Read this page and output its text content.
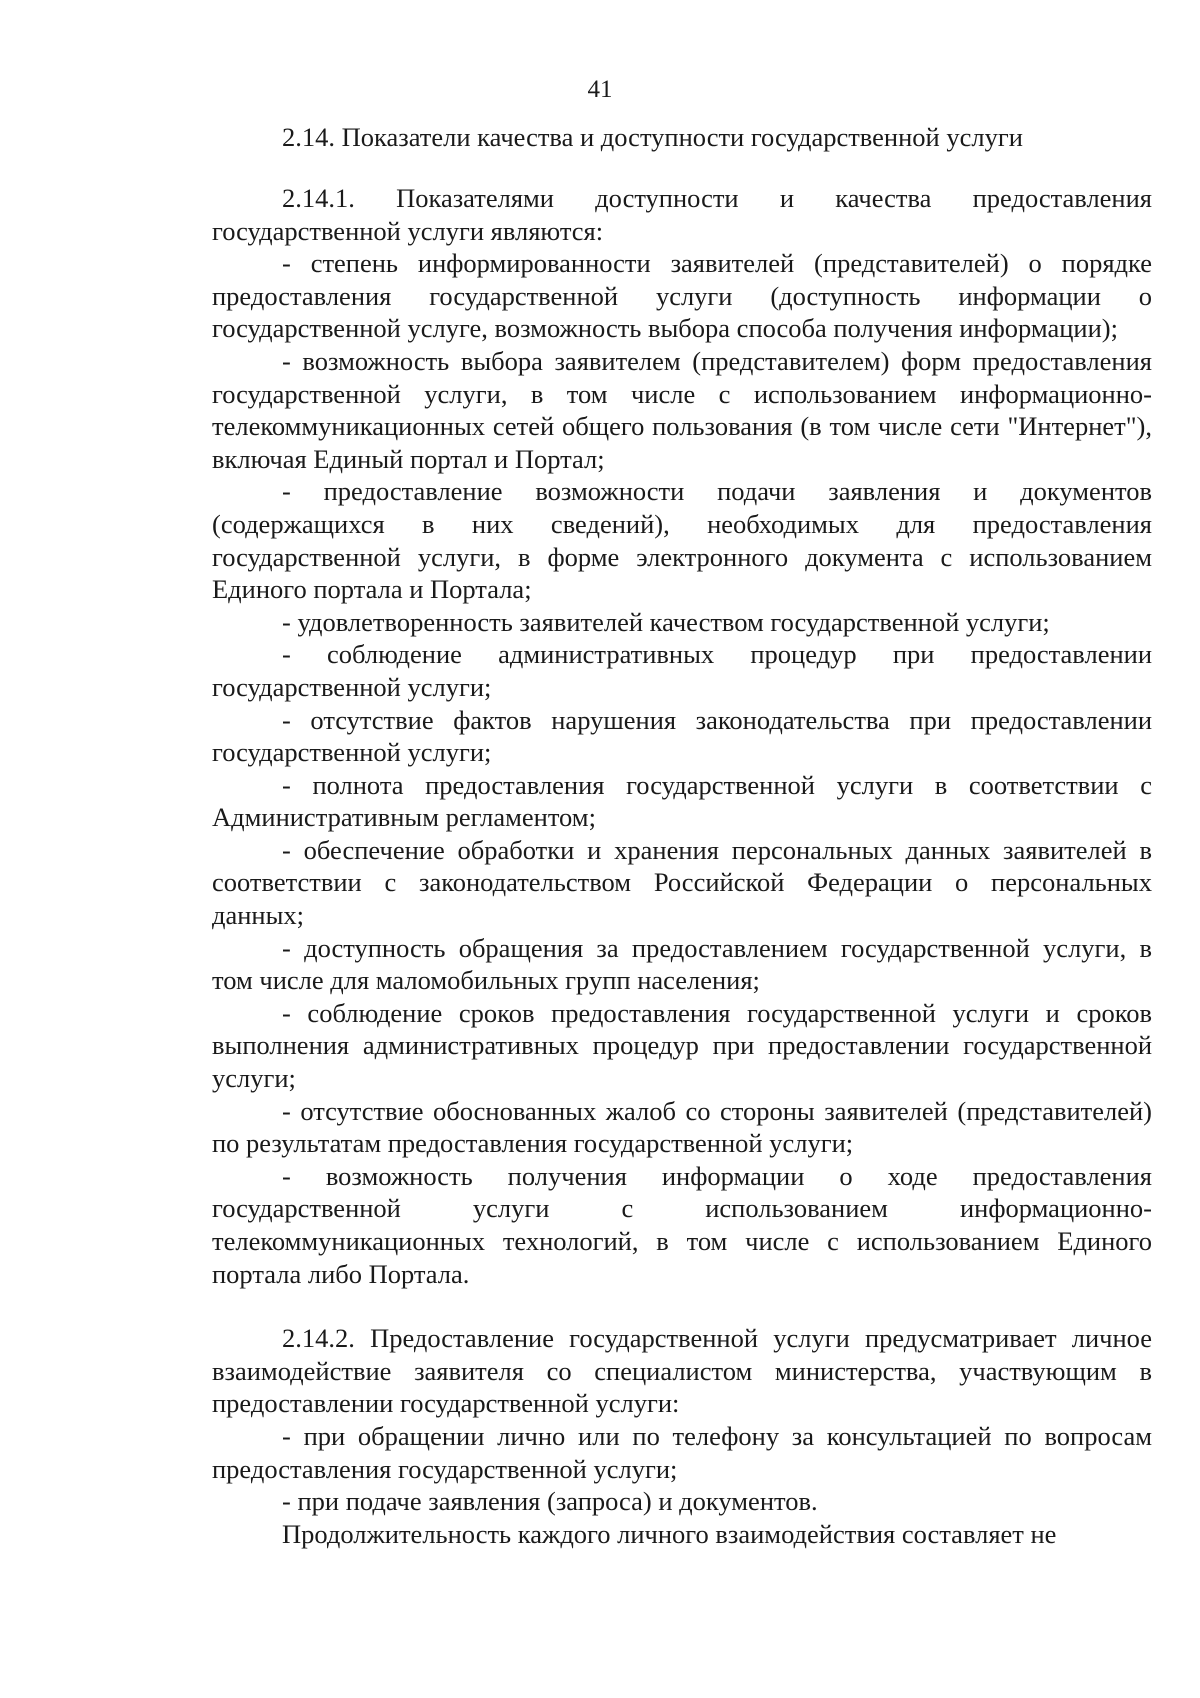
41
2.14. Показатели качества и доступности государственной услуги

2.14.1. Показателями доступности и качества предоставления государственной услуги являются:

- степень информированности заявителей (представителей) о порядке предоставления государственной услуги (доступность информации о государственной услуге, возможность выбора способа получения информации);

- возможность выбора заявителем (представителем) форм предоставления государственной услуги, в том числе с использованием информационно-телекоммуникационных сетей общего пользования (в том числе сети "Интернет"), включая Единый портал и Портал;

- предоставление возможности подачи заявления и документов (содержащихся в них сведений), необходимых для предоставления государственной услуги, в форме электронного документа с использованием Единого портала и Портала;

- удовлетворенность заявителей качеством государственной услуги;

- соблюдение административных процедур при предоставлении государственной услуги;

- отсутствие фактов нарушения законодательства при предоставлении государственной услуги;

- полнота предоставления государственной услуги в соответствии с Административным регламентом;

- обеспечение обработки и хранения персональных данных заявителей в соответствии с законодательством Российской Федерации о персональных данных;

- доступность обращения за предоставлением государственной услуги, в том числе для маломобильных групп населения;

- соблюдение сроков предоставления государственной услуги и сроков выполнения административных процедур при предоставлении государственной услуги;

- отсутствие обоснованных жалоб со стороны заявителей (представителей) по результатам предоставления государственной услуги;

- возможность получения информации о ходе предоставления государственной услуги с использованием информационно-телекоммуникационных технологий, в том числе с использованием Единого портала либо Портала.

2.14.2. Предоставление государственной услуги предусматривает личное взаимодействие заявителя со специалистом министерства, участвующим в предоставлении государственной услуги:

- при обращении лично или по телефону за консультацией по вопросам предоставления государственной услуги;

- при подаче заявления (запроса) и документов.

Продолжительность каждого личного взаимодействия составляет не
